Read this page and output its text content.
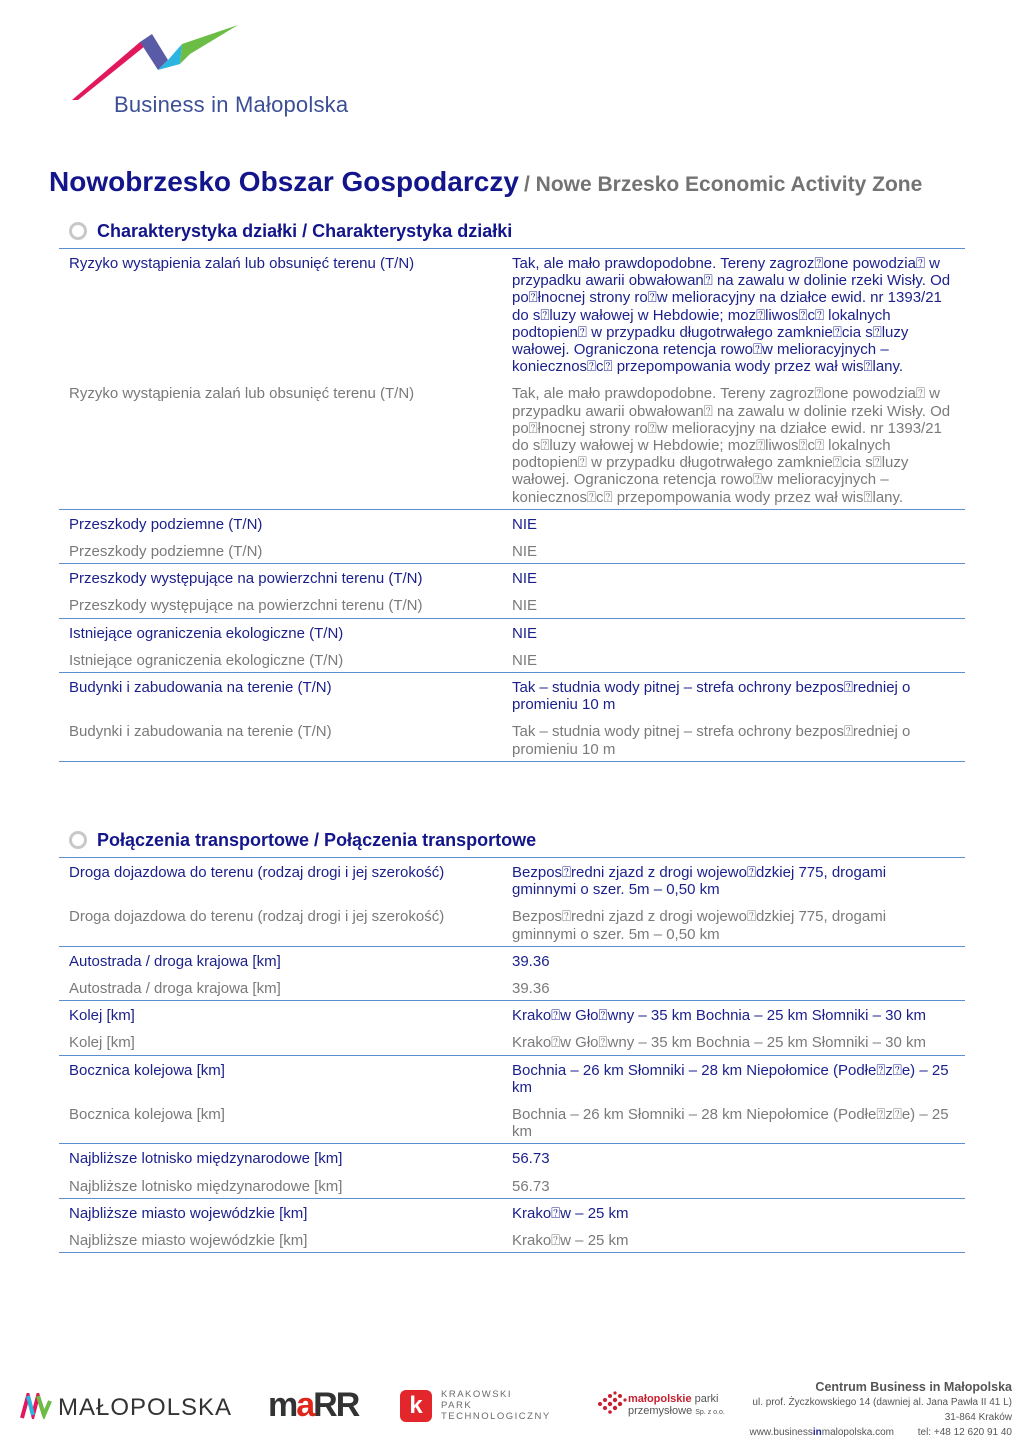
Business in Małopolska
Nowobrzesko Obszar Gospodarczy / Nowe Brzesko Economic Activity Zone
Charakterystyka działki / Charakterystyka działki
Ryzyko wystąpienia zalań lub obsunięć terenu (T/N)	Tak, ale mało prawdopodobne. Tereny zagroz⍰one powodzia⍰ w przypadku awarii obwałowan⍰ na zawalu w dolinie rzeki Wisły. Od po⍰łnocnej strony ro⍰w melioracyjny na działce ewid. nr 1393/21 do s⍰luzy wałowej w Hebdowie; moz⍰liwos⍰c⍰ lokalnych podtopien⍰ w przypadku długotrwałego zamknie⍰cia s⍰luzy wałowej. Ograniczona retencja rowo⍰w melioracyjnych – koniecznos⍰c⍰ przepompowania wody przez wał wis⍰lany.
Ryzyko wystąpienia zalań lub obsunięć terenu (T/N)	Tak, ale mało prawdopodobne. Tereny zagroz⍰one powodzia⍰ w przypadku awarii obwałowan⍰ na zawalu w dolinie rzeki Wisły. Od po⍰łnocnej strony ro⍰w melioracyjny na działce ewid. nr 1393/21 do s⍰luzy wałowej w Hebdowie; moz⍰liwos⍰c⍰ lokalnych podtopien⍰ w przypadku długotrwałego zamknie⍰cia s⍰luzy wałowej. Ograniczona retencja rowo⍰w melioracyjnych – koniecznos⍰c⍰ przepompowania wody przez wał wis⍰lany.
Przeszkody podziemne (T/N)	NIE
Przeszkody podziemne (T/N)	NIE
Przeszkody występujące na powierzchni terenu (T/N)	NIE
Przeszkody występujące na powierzchni terenu (T/N)	NIE
Istniejące ograniczenia ekologiczne (T/N)	NIE
Istniejące ograniczenia ekologiczne (T/N)	NIE
Budynki i zabudowania na terenie (T/N)	Tak – studnia wody pitnej – strefa ochrony bezpos⍰redniej o promieniu 10 m
Budynki i zabudowania na terenie (T/N)	Tak – studnia wody pitnej – strefa ochrony bezpos⍰redniej o promieniu 10 m
Połączenia transportowe / Połączenia transportowe
Droga dojazdowa do terenu (rodzaj drogi i jej szerokość)	Bezpos⍰redni zjazd z drogi wojewo⍰dzkiej 775, drogami gminnymi o szer. 5m – 0,50 km
Droga dojazdowa do terenu (rodzaj drogi i jej szerokość)	Bezpos⍰redni zjazd z drogi wojewo⍰dzkiej 775, drogami gminnymi o szer. 5m – 0,50 km
Autostrada / droga krajowa [km]	39.36
Autostrada / droga krajowa [km]	39.36
Kolej [km]	Krako⍰w Gło⍰wny – 35 km Bochnia – 25 km Słomniki – 30 km
Kolej [km]	Krako⍰w Gło⍰wny – 35 km Bochnia – 25 km Słomniki – 30 km
Bocznica kolejowa [km]	Bochnia – 26 km Słomniki – 28 km Niepołomice (Podłe⍰z⍰e) – 25 km
Bocznica kolejowa [km]	Bochnia – 26 km Słomniki – 28 km Niepołomice (Podłe⍰z⍰e) – 25 km
Najbliższe lotnisko międzynarodowe [km]	56.73
Najbliższe lotnisko międzynarodowe [km]	56.73
Najbliższe miasto wojewódzkie [km]	Krako⍰w – 25 km
Najbliższe miasto wojewódzkie [km]	Krako⍰w – 25 km
MAŁOPOLSKA maRR	k	KRAKOWSKI
PARK
TECHNOLOGICZNY
małopolskie parki
przemysłowe Sp. z o.o.
Centrum Business in Małopolska
ul. prof. Życzkowskiego 14 (dawniej al. Jana Pawła II 41 L)
31-864 Kraków
www.businessinmalopolska.com tel: +48 12 620 91 40
